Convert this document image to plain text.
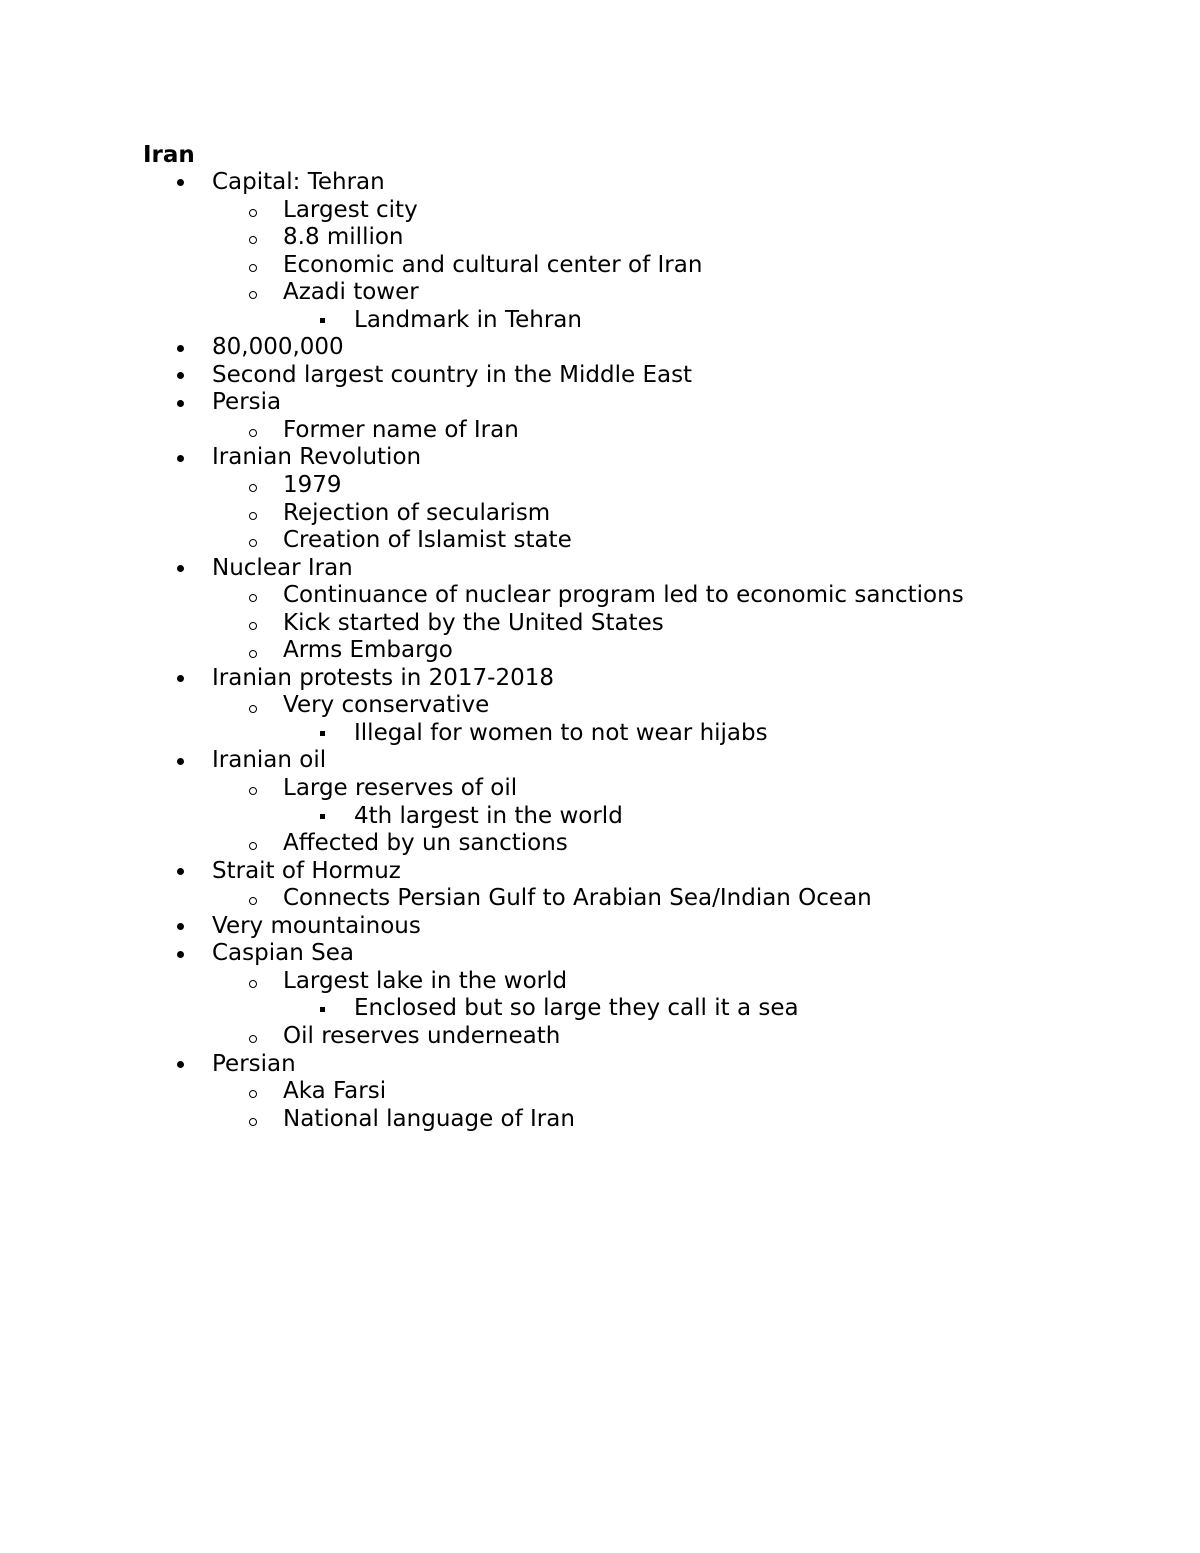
Iran
Capital: Tehran
Largest city
8.8 million
Economic and cultural center of Iran
Azadi tower
Landmark in Tehran
80,000,000
Second largest country in the Middle East
Persia
Former name of Iran
Iranian Revolution
1979
Rejection of secularism
Creation of Islamist state
Nuclear Iran
Continuance of nuclear program led to economic sanctions
Kick started by the United States
Arms Embargo
Iranian protests in 2017-2018
Very conservative
Illegal for women to not wear hijabs
Iranian oil
Large reserves of oil
4th largest in the world
Affected by un sanctions
Strait of Hormuz
Connects Persian Gulf to Arabian Sea/Indian Ocean
Very mountainous
Caspian Sea
Largest lake in the world
Enclosed but so large they call it a sea
Oil reserves underneath
Persian
Aka Farsi
National language of Iran
